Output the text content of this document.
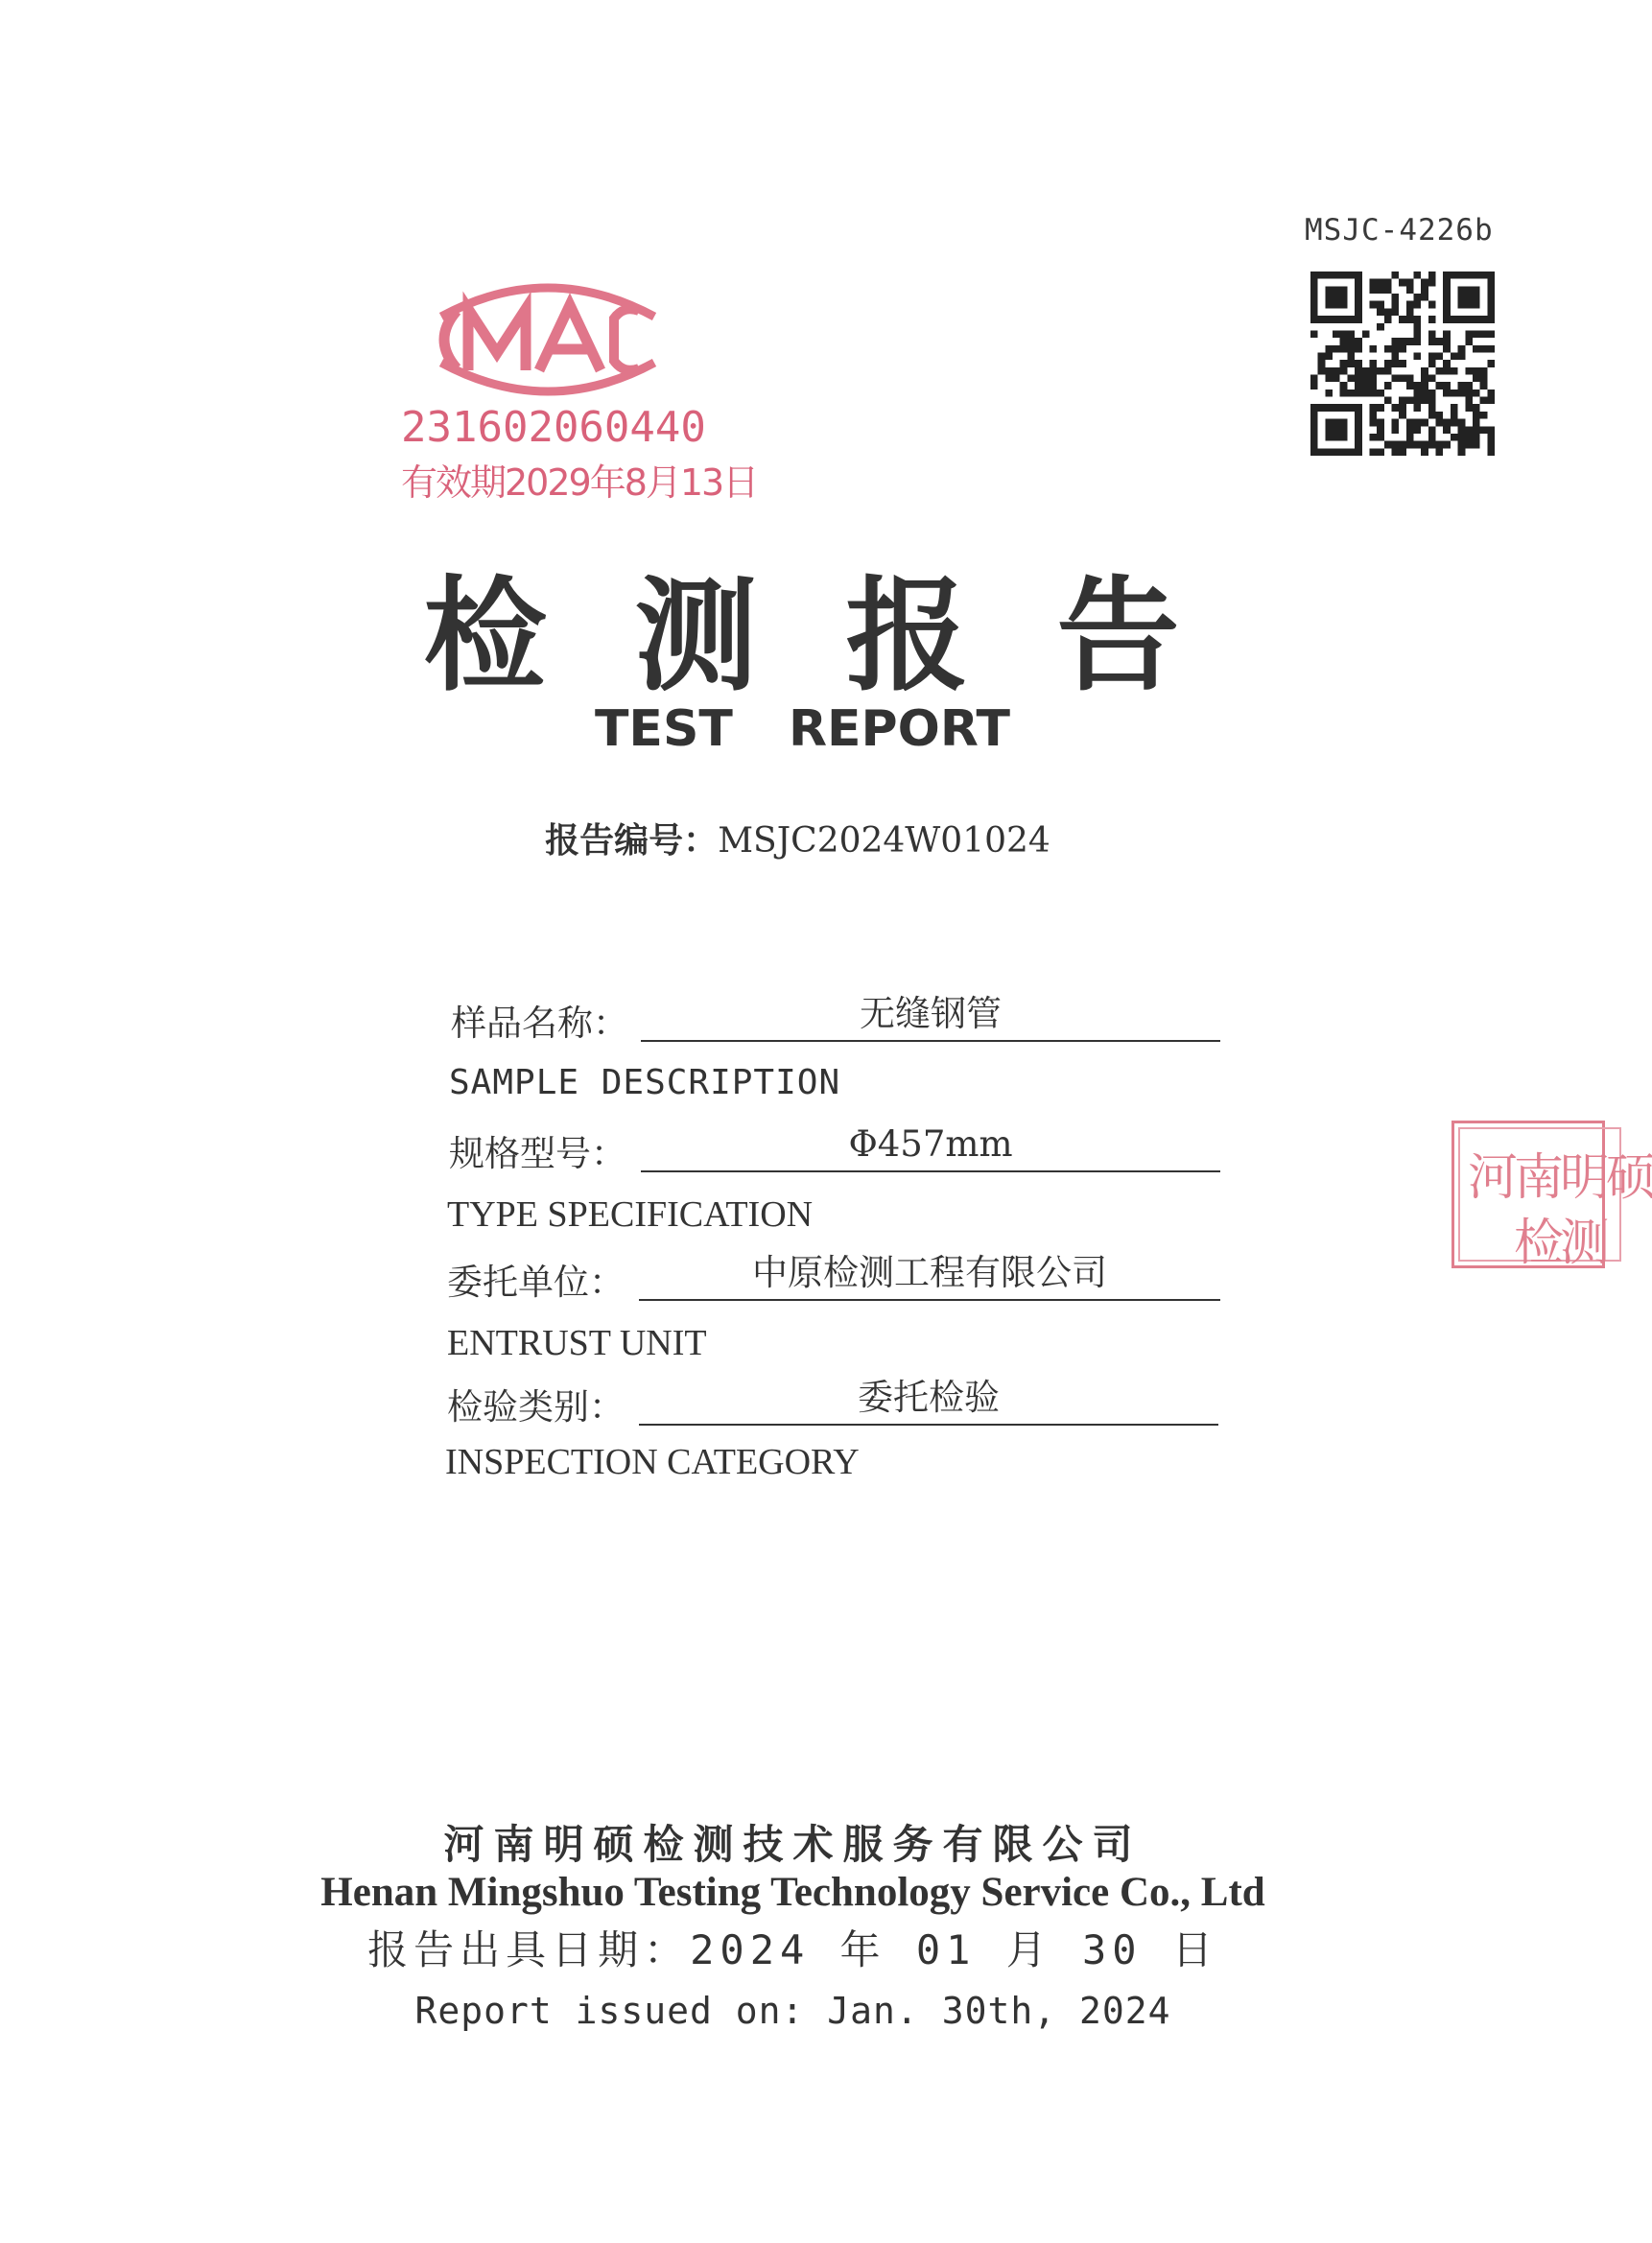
MSJC-4226b
231602060440
有效期2029年8月13日
检测报告
TEST REPORT
报告编号：MSJC2024W01024
样品名称：	无缝钢管
SAMPLE DESCRIPTION
规格型号：	Φ457mm
TYPE SPECIFICATION
委托单位：	中原检测工程有限公司
ENTRUST UNIT
检验类别：	委托检验
INSPECTION CATEGORY
河南明硕
检测
河南明硕检测技术服务有限公司
Henan Mingshuo Testing Technology Service Co., Ltd
报告出具日期：2024 年 01 月 30 日
Report issued on: Jan. 30th, 2024
